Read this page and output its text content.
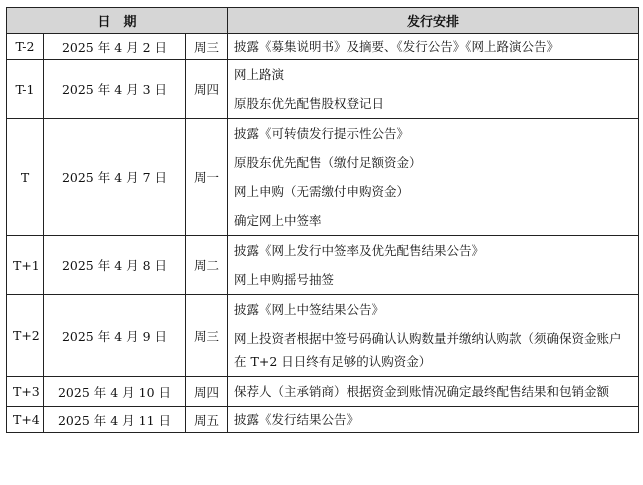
日　期			发行安排
T-2	2025 年 4 月 2 日	周三	披露《募集说明书》及摘要、《发行公告》《网上路演公告》

T-1	2025 年 4 月 3 日	周四	网上路演
原股东优先配售股权登记日

T	2025 年 4 月 7 日	周一	披露《可转债发行提示性公告》
原股东优先配售（缴付足额资金）
网上申购（无需缴付申购资金）
确定网上中签率

T+1	2025 年 4 月 8 日	周二	披露《网上发行中签率及优先配售结果公告》
网上申购摇号抽签

T+2	2025 年 4 月 9 日	周三	披露《网上中签结果公告》
网上投资者根据中签号码确认认购数量并缴纳认购款（须确保资金账户在 T+2 日日终有足够的认购资金）

T+3	2025 年 4 月 10 日	周四	保荐人（主承销商）根据资金到账情况确定最终配售结果和包销金额

T+4	2025 年 4 月 11 日	周五	披露《发行结果公告》
